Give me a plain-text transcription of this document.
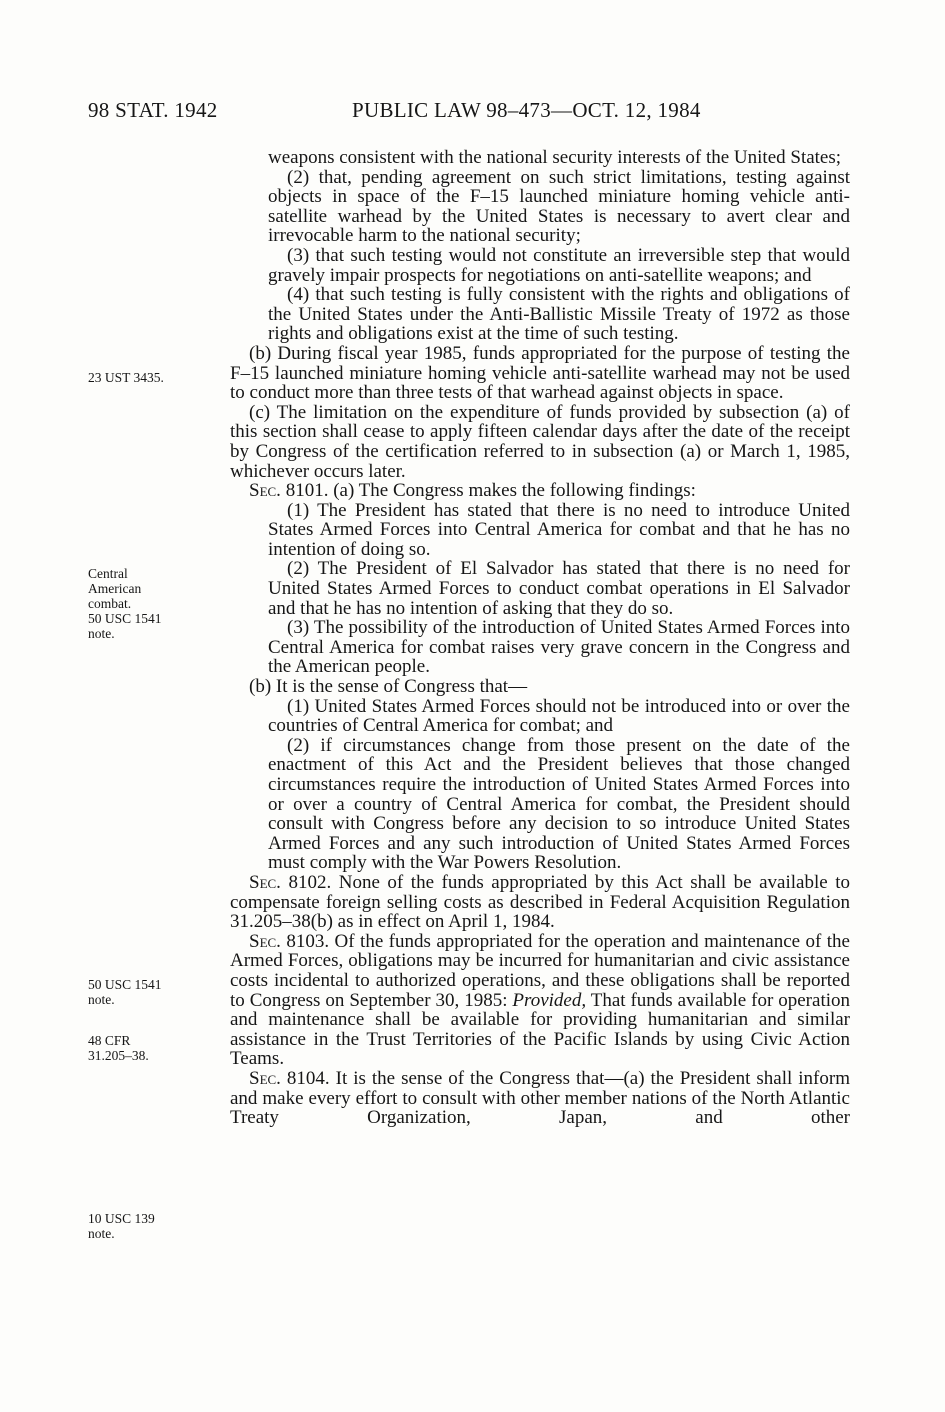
98 STAT. 1942	PUBLIC LAW 98–473—OCT. 12, 1984
23 UST 3435.
Central
American
combat.
50 USC 1541
note.
50 USC 1541
note.
48 CFR
31.205–38.
10 USC 139
note.

weapons consistent with the national security interests of the United States;

(2) that, pending agreement on such strict limitations, testing against objects in space of the F–15 launched miniature homing vehicle anti-satellite warhead by the United States is necessary to avert clear and irrevocable harm to the national security;

(3) that such testing would not constitute an irreversible step that would gravely impair prospects for negotiations on anti-satellite weapons; and

(4) that such testing is fully consistent with the rights and obligations of the United States under the Anti-Ballistic Missile Treaty of 1972 as those rights and obligations exist at the time of such testing.

(b) During fiscal year 1985, funds appropriated for the purpose of testing the F–15 launched miniature homing vehicle anti-satellite warhead may not be used to conduct more than three tests of that warhead against objects in space.

(c) The limitation on the expenditure of funds provided by subsection (a) of this section shall cease to apply fifteen calendar days after the date of the receipt by Congress of the certification referred to in subsection (a) or March 1, 1985, whichever occurs later.

Sec. 8101. (a) The Congress makes the following findings:

(1) The President has stated that there is no need to introduce United States Armed Forces into Central America for combat and that he has no intention of doing so.

(2) The President of El Salvador has stated that there is no need for United States Armed Forces to conduct combat operations in El Salvador and that he has no intention of asking that they do so.

(3) The possibility of the introduction of United States Armed Forces into Central America for combat raises very grave concern in the Congress and the American people.

(b) It is the sense of Congress that—

(1) United States Armed Forces should not be introduced into or over the countries of Central America for combat; and

(2) if circumstances change from those present on the date of the enactment of this Act and the President believes that those changed circumstances require the introduction of United States Armed Forces into or over a country of Central America for combat, the President should consult with Congress before any decision to so introduce United States Armed Forces and any such introduction of United States Armed Forces must comply with the War Powers Resolution.

Sec. 8102. None of the funds appropriated by this Act shall be available to compensate foreign selling costs as described in Federal Acquisition Regulation 31.205–38(b) as in effect on April 1, 1984.

Sec. 8103. Of the funds appropriated for the operation and maintenance of the Armed Forces, obligations may be incurred for humanitarian and civic assistance costs incidental to authorized operations, and these obligations shall be reported to Congress on September 30, 1985: Provided, That funds available for operation and maintenance shall be available for providing humanitarian and similar assistance in the Trust Territories of the Pacific Islands by using Civic Action Teams.

Sec. 8104. It is the sense of the Congress that—(a) the President shall inform and make every effort to consult with other member nations of the North Atlantic Treaty Organization, Japan, and other
